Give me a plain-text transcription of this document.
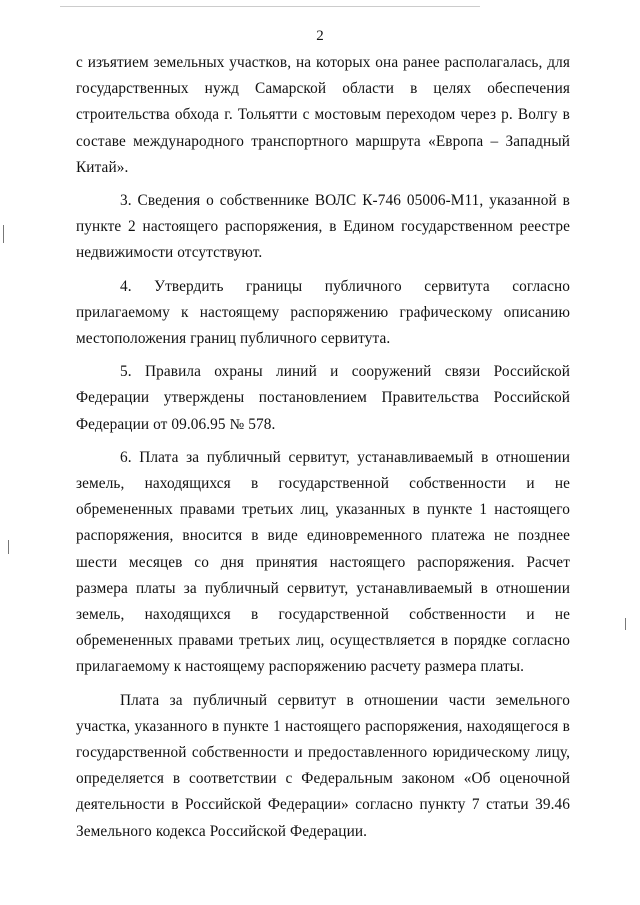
2

с изъятием земельных участков, на которых она ранее располагалась, для государственных нужд Самарской области в целях обеспечения строительства обхода г. Тольятти с мостовым переходом через р. Волгу в составе международного транспортного маршрута «Европа – Западный Китай».

3. Сведения о собственнике ВОЛС К-746 05006-М11, указанной в пункте 2 настоящего распоряжения, в Едином государственном реестре недвижимости отсутствуют.

4. Утвердить границы публичного сервитута согласно прилагаемому к настоящему распоряжению графическому описанию местоположения границ публичного сервитута.

5. Правила охраны линий и сооружений связи Российской Федерации утверждены постановлением Правительства Российской Федерации от 09.06.95 № 578.

6. Плата за публичный сервитут, устанавливаемый в отношении земель, находящихся в государственной собственности и не обремененных правами третьих лиц, указанных в пункте 1 настоящего распоряжения, вносится в виде единовременного платежа не позднее шести месяцев со дня принятия настоящего распоряжения. Расчет размера платы за публичный сервитут, устанавливаемый в отношении земель, находящихся в государственной собственности и не обремененных правами третьих лиц, осуществляется в порядке согласно прилагаемому к настоящему распоряжению расчету размера платы.

Плата за публичный сервитут в отношении части земельного участка, указанного в пункте 1 настоящего распоряжения, находящегося в государственной собственности и предоставленного юридическому лицу, определяется в соответствии с Федеральным законом «Об оценочной деятельности в Российской Федерации» согласно пункту 7 статьи 39.46 Земельного кодекса Российской Федерации.
